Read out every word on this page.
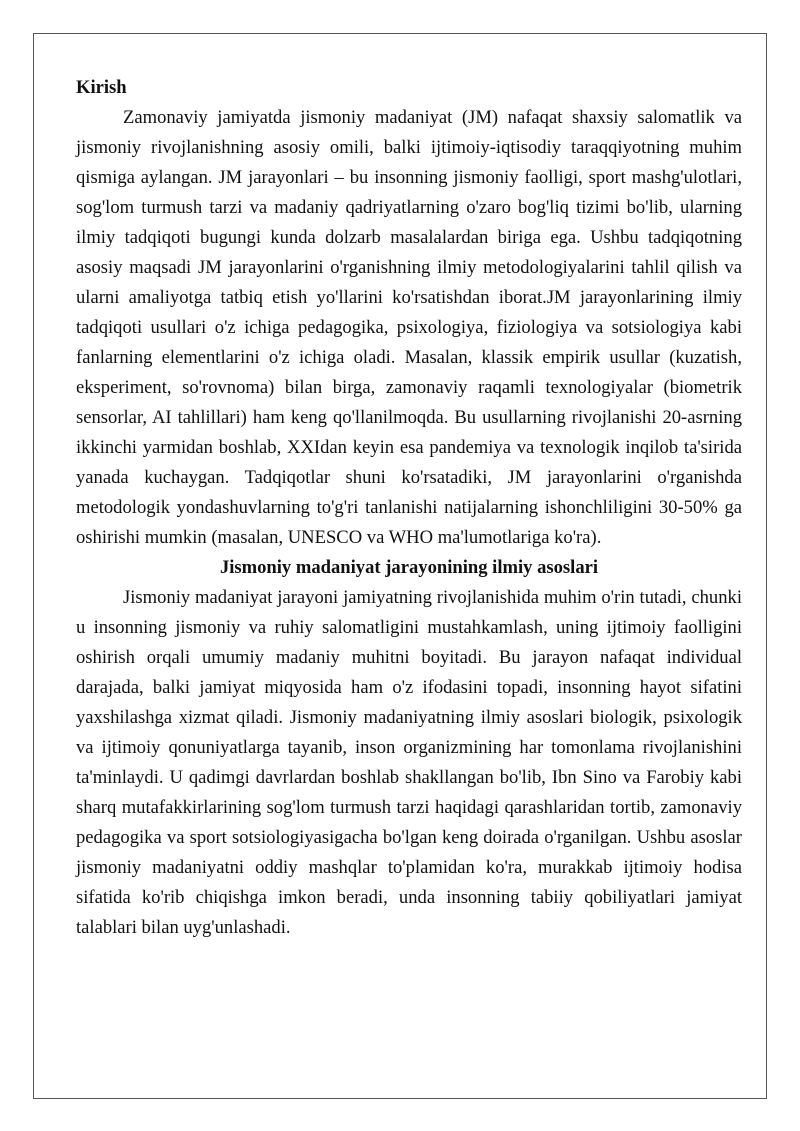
Kirish

Zamonaviy jamiyatda jismoniy madaniyat (JM) nafaqat shaxsiy salomatlik va jismoniy rivojlanishning asosiy omili, balki ijtimoiy-iqtisodiy taraqqiyotning muhim qismiga aylangan. JM jarayonlari – bu insonning jismoniy faolligi, sport mashg'ulotlari, sog'lom turmush tarzi va madaniy qadriyatlarning o'zaro bog'liq tizimi bo'lib, ularning ilmiy tadqiqoti bugungi kunda dolzarb masalalardan biriga ega. Ushbu tadqiqotning asosiy maqsadi JM jarayonlarini o'rganishning ilmiy metodologiyalarini tahlil qilish va ularni amaliyotga tatbiq etish yo'llarini ko'rsatishdan iborat.JM jarayonlarining ilmiy tadqiqoti usullari o'z ichiga pedagogika, psixologiya, fiziologiya va sotsiologiya kabi fanlarning elementlarini o'z ichiga oladi. Masalan, klassik empirik usullar (kuzatish, eksperiment, so'rovnoma) bilan birga, zamonaviy raqamli texnologiyalar (biometrik sensorlar, AI tahlillari) ham keng qo'llanilmoqda. Bu usullarning rivojlanishi 20-asrning ikkinchi yarmidan boshlab, XXIdan keyin esa pandemiya va texnologik inqilob ta'sirida yanada kuchaygan. Tadqiqotlar shuni ko'rsatadiki, JM jarayonlarini o'rganishda metodologik yondashuvlarning to'g'ri tanlanishi natijalarning ishonchliligini 30-50% ga oshirishi mumkin (masalan, UNESCO va WHO ma'lumotlariga ko'ra).

Jismoniy madaniyat jarayonining ilmiy asoslari

Jismoniy madaniyat jarayoni jamiyatning rivojlanishida muhim o'rin tutadi, chunki u insonning jismoniy va ruhiy salomatligini mustahkamlash, uning ijtimoiy faolligini oshirish orqali umumiy madaniy muhitni boyitadi. Bu jarayon nafaqat individual darajada, balki jamiyat miqyosida ham o'z ifodasini topadi, insonning hayot sifatini yaxshilashga xizmat qiladi. Jismoniy madaniyatning ilmiy asoslari biologik, psixologik va ijtimoiy qonuniyatlarga tayanib, inson organizmining har tomonlama rivojlanishini ta'minlaydi. U qadimgi davrlardan boshlab shakllangan bo'lib, Ibn Sino va Farobiy kabi sharq mutafakkirlarining sog'lom turmush tarzi haqidagi qarashlaridan tortib, zamonaviy pedagogika va sport sotsiologiyasigacha bo'lgan keng doirada o'rganilgan. Ushbu asoslar jismoniy madaniyatni oddiy mashqlar to'plamidan ko'ra, murakkab ijtimoiy hodisa sifatida ko'rib chiqishga imkon beradi, unda insonning tabiiy qobiliyatlari jamiyat talablari bilan uyg'unlashadi.
